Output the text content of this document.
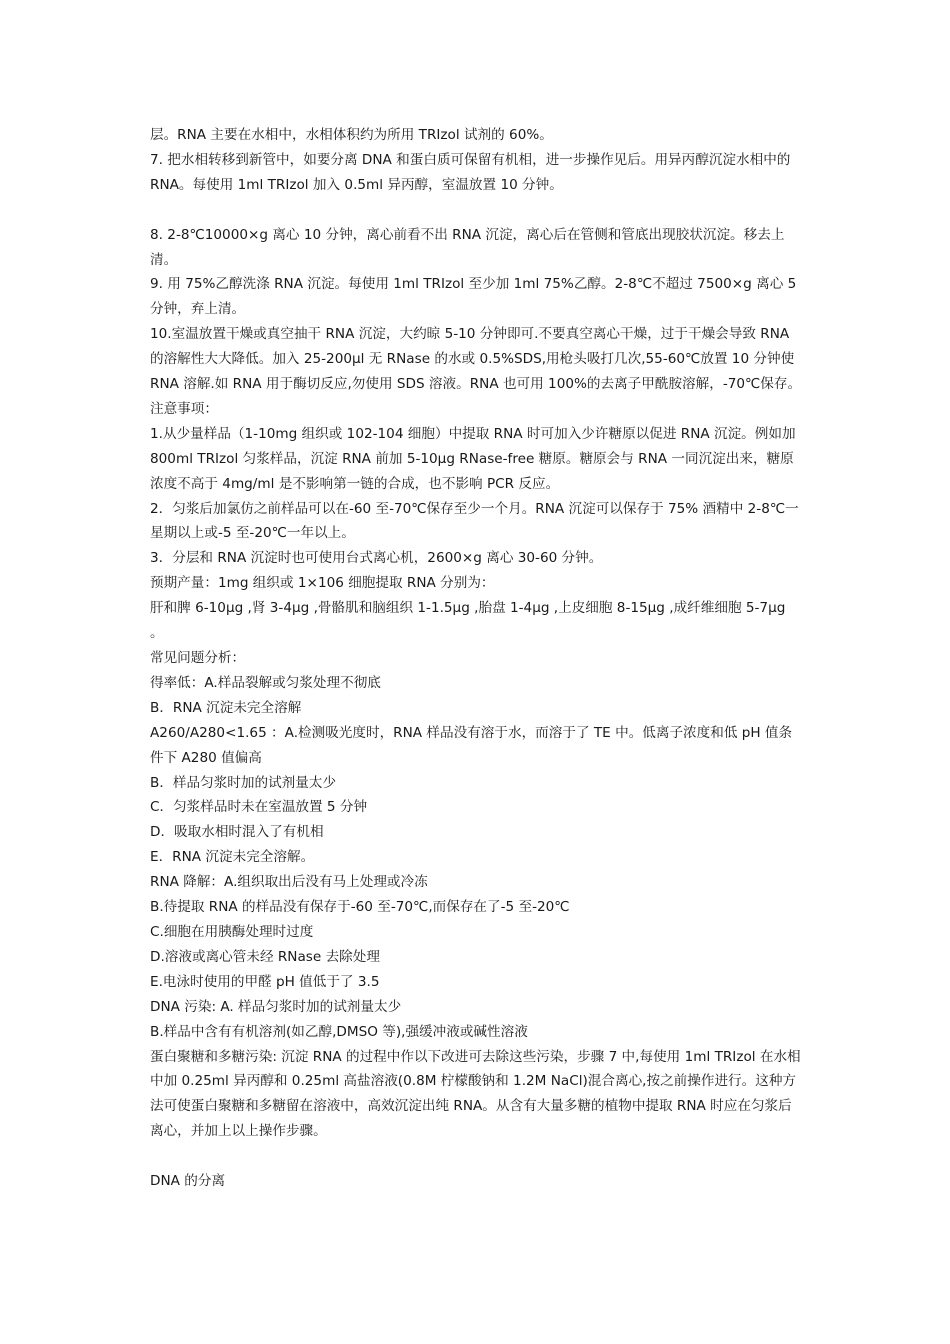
层。RNA 主要在水相中，水相体积约为所用 TRIzol 试剂的 60%。

7. 把水相转移到新管中，如要分离 DNA 和蛋白质可保留有机相，进一步操作见后。用异丙醇沉淀水相中的 RNA。每使用 1ml TRIzol 加入 0.5ml 异丙醇，室温放置 10 分钟。

8. 2-8℃10000×g 离心 10 分钟，离心前看不出 RNA 沉淀，离心后在管侧和管底出现胶状沉淀。移去上清。

9. 用 75%乙醇洗涤 RNA 沉淀。每使用 1ml TRIzol 至少加 1ml 75%乙醇。2-8℃不超过 7500×g 离心 5 分钟，弃上清。

10.室温放置干燥或真空抽干 RNA 沉淀，大约晾 5-10 分钟即可.不要真空离心干燥，过于干燥会导致 RNA 的溶解性大大降低。加入 25-200μl 无 RNase 的水或 0.5%SDS,用枪头吸打几次,55-60℃放置 10 分钟使 RNA 溶解.如 RNA 用于酶切反应,勿使用 SDS 溶液。RNA 也可用 100%的去离子甲酰胺溶解，-70℃保存。

注意事项：

1.从少量样品（1-10mg 组织或 102-104 细胞）中提取 RNA 时可加入少许糖原以促进 RNA 沉淀。例如加 800ml TRIzol 匀浆样品，沉淀 RNA 前加 5-10μg RNase-free 糖原。糖原会与 RNA 一同沉淀出来，糖原浓度不高于 4mg/ml 是不影响第一链的合成，也不影响 PCR 反应。

2．匀浆后加氯仿之前样品可以在-60 至-70℃保存至少一个月。RNA 沉淀可以保存于 75% 酒精中 2-8℃一星期以上或-5 至-20℃一年以上。

3．分层和 RNA 沉淀时也可使用台式离心机，2600×g 离心 30-60 分钟。

预期产量：1mg 组织或 1×106 细胞提取 RNA 分别为：

肝和脾 6-10μg ,肾 3-4μg ,骨骼肌和脑组织 1-1.5μg ,胎盘 1-4μg ,上皮细胞 8-15μg ,成纤维细胞 5-7μg 。

常见问题分析：

得率低：A.样品裂解或匀浆处理不彻底

B．RNA 沉淀未完全溶解

A260/A280<1.65 ：A.检测吸光度时，RNA 样品没有溶于水，而溶于了 TE 中。低离子浓度和低 pH 值条件下 A280 值偏高

B．样品匀浆时加的试剂量太少

C．匀浆样品时未在室温放置 5 分钟

D．吸取水相时混入了有机相

E．RNA 沉淀未完全溶解。

RNA 降解：A.组织取出后没有马上处理或冷冻

B.待提取 RNA 的样品没有保存于-60 至-70℃,而保存在了-5 至-20℃

C.细胞在用胰酶处理时过度

D.溶液或离心管未经 RNase 去除处理

E.电泳时使用的甲醛 pH 值低于了 3.5

DNA 污染: A. 样品匀浆时加的试剂量太少

B.样品中含有有机溶剂(如乙醇,DMSO 等),强缓冲液或碱性溶液

蛋白聚糖和多糖污染: 沉淀 RNA 的过程中作以下改进可去除这些污染，步骤 7 中,每使用 1ml TRIzol 在水相中加 0.25ml 异丙醇和 0.25ml 高盐溶液(0.8M 柠檬酸钠和 1.2M NaCl)混合离心,按之前操作进行。这种方法可使蛋白聚糖和多糖留在溶液中，高效沉淀出纯 RNA。从含有大量多糖的植物中提取 RNA 时应在匀浆后离心，并加上以上操作步骤。

DNA 的分离
